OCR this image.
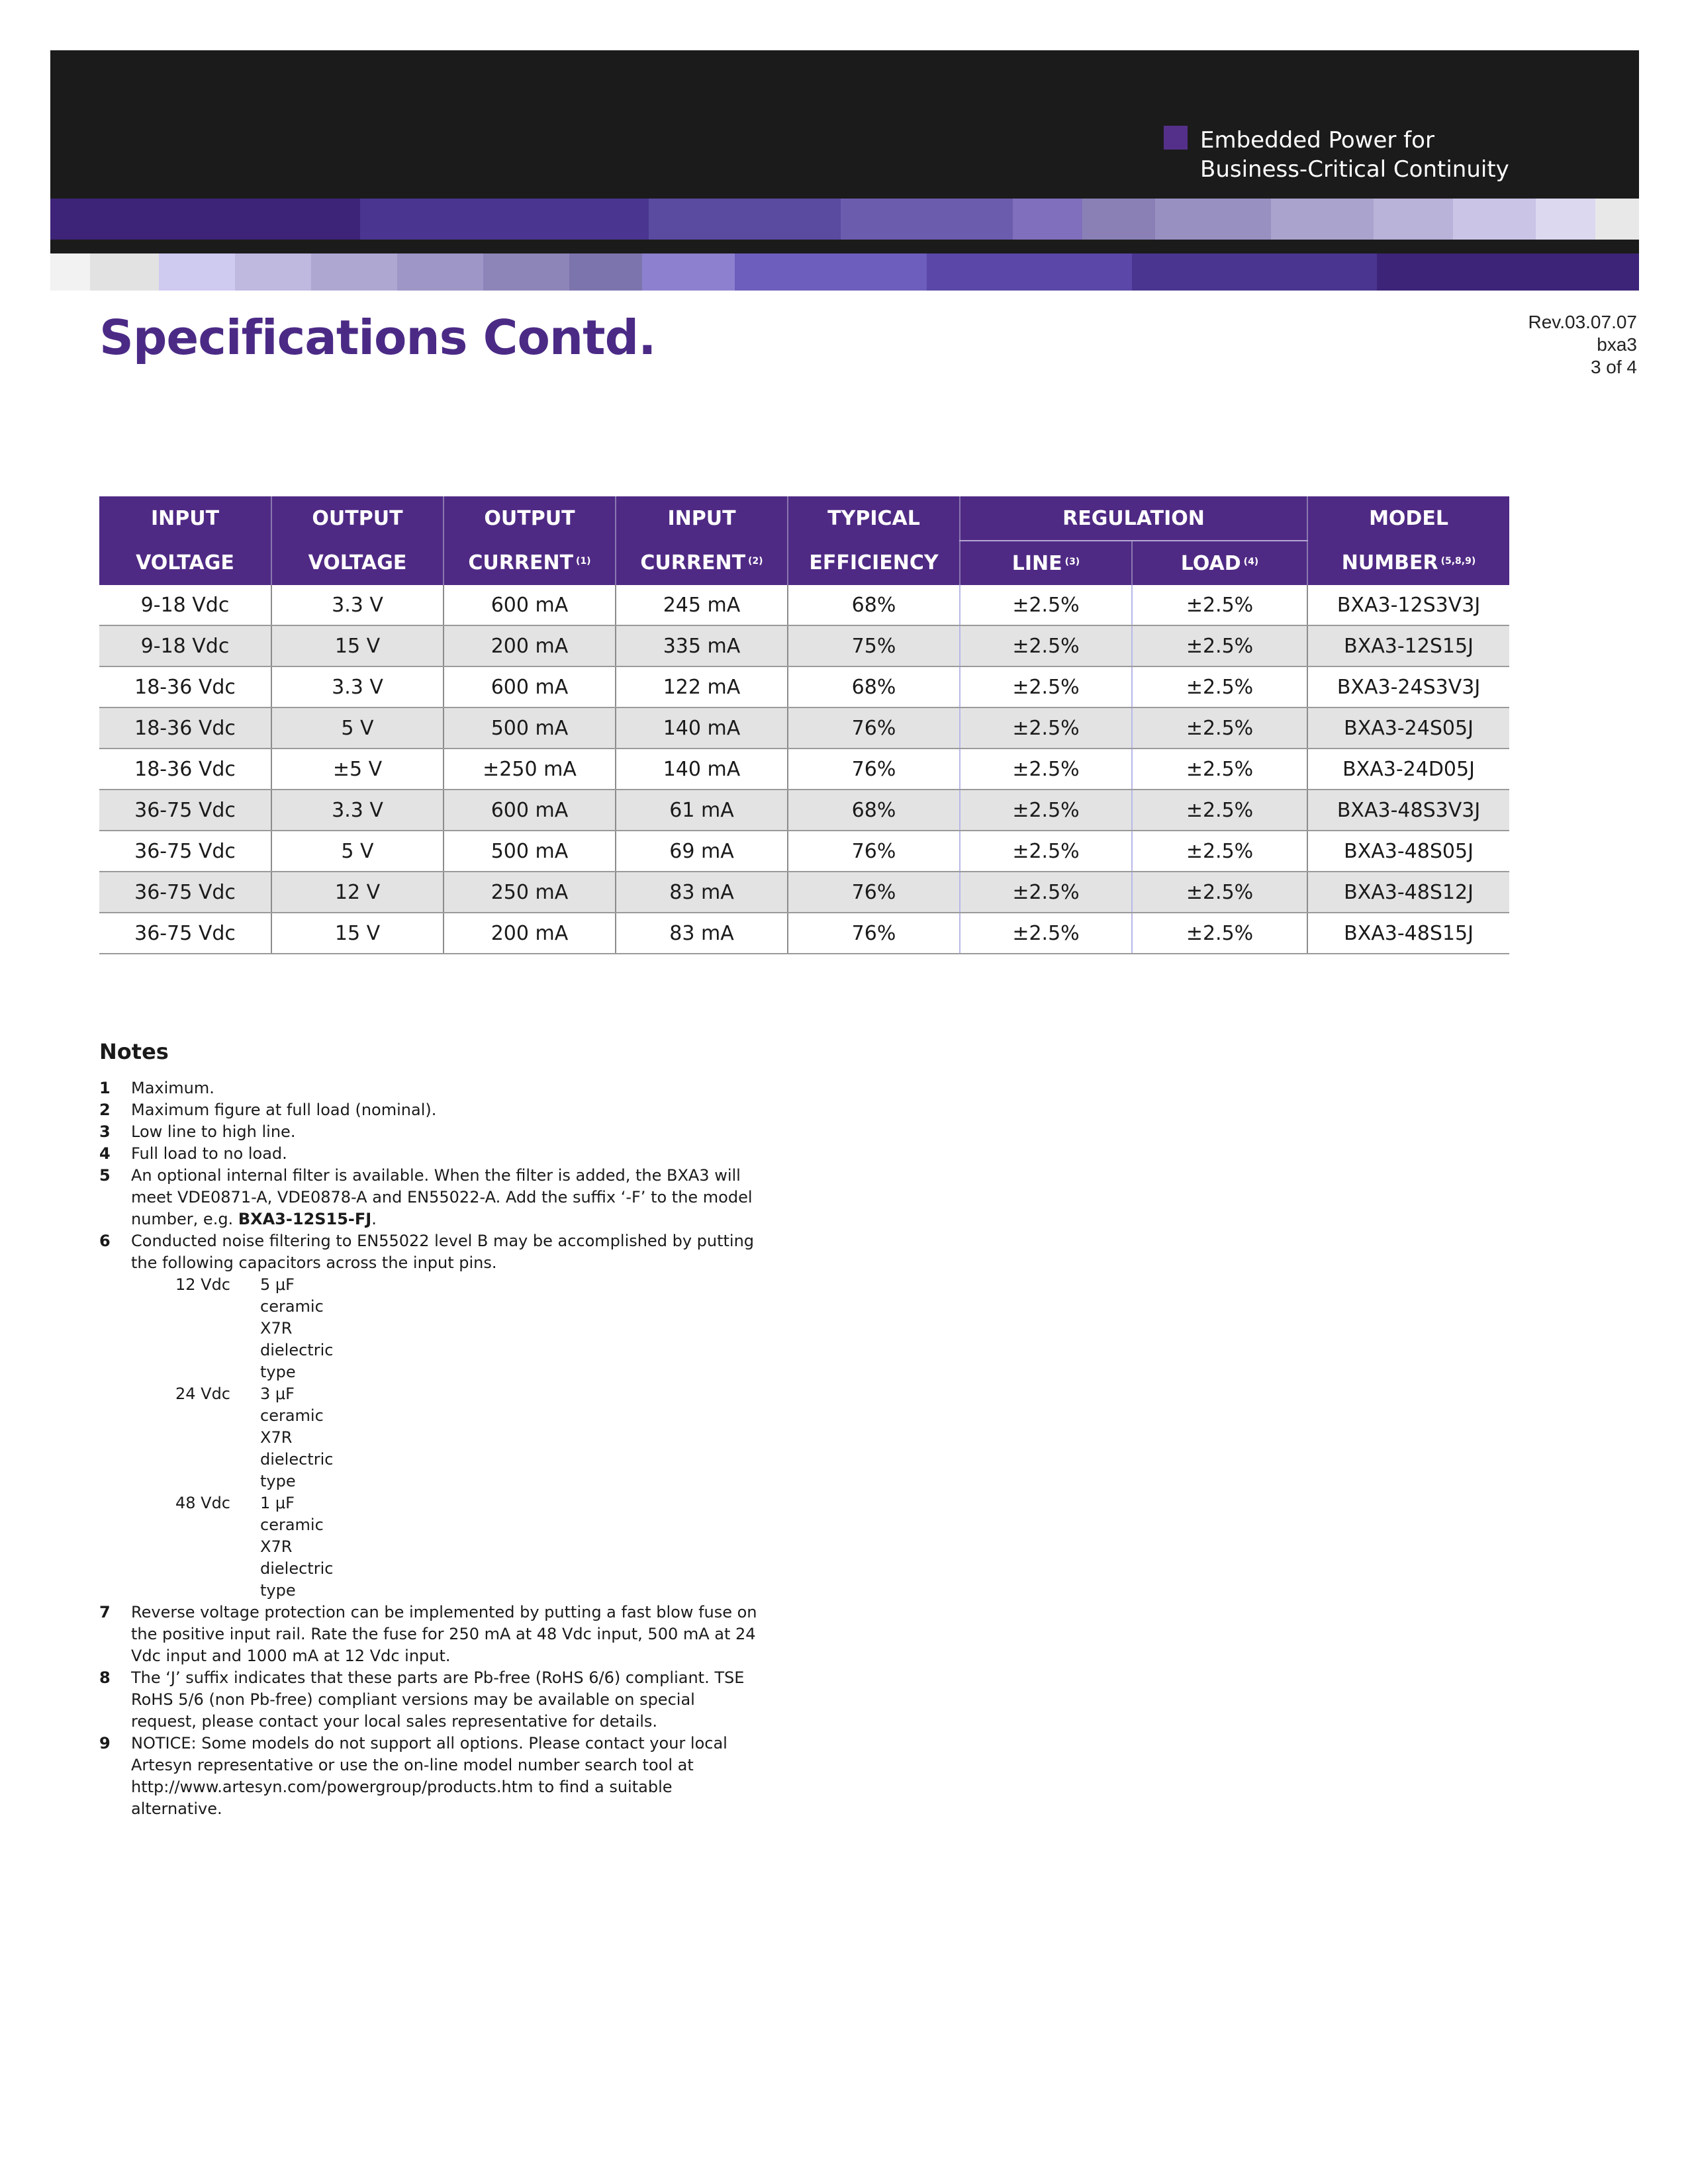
Embedded Power for
Business-Critical Continuity
Specifications Contd.	Rev.03.07.07
bxa3
3 of 4
INPUT	OUTPUT	OUTPUT	INPUT	TYPICAL	REGULATION		MODEL
VOLTAGE	VOLTAGE	CURRENT $^{(1)}$	CURRENT $^{(2)}$	EFFICIENCY	LINE $^{(3)}$	LOAD $^{(4)}$	NUMBER $^{(5,8,9)}$
9-18 Vdc	3.3 V	600 mA	245 mA	68%	±2.5%	±2.5%	BXA3-12S3V3J
9-18 Vdc	15 V	200 mA	335 mA	75%	±2.5%	±2.5%	BXA3-12S15J
18-36 Vdc	3.3 V	600 mA	122 mA	68%	±2.5%	±2.5%	BXA3-24S3V3J
18-36 Vdc	5 V	500 mA	140 mA	76%	±2.5%	±2.5%	BXA3-24S05J
18-36 Vdc	±5 V	±250 mA	140 mA	76%	±2.5%	±2.5%	BXA3-24D05J
36-75 Vdc	3.3 V	600 mA	61 mA	68%	±2.5%	±2.5%	BXA3-48S3V3J
36-75 Vdc	5 V	500 mA	69 mA	76%	±2.5%	±2.5%	BXA3-48S05J
36-75 Vdc	12 V	250 mA	83 mA	76%	±2.5%	±2.5%	BXA3-48S12J
36-75 Vdc	15 V	200 mA	83 mA	76%	±2.5%	±2.5%	BXA3-48S15J
Notes
1 Maximum.
2 Maximum figure at full load (nominal).
3 Low line to high line.
4 Full load to no load.
5 An optional internal filter is available. When the filter is added, the BXA3 will meet VDE0871-A, VDE0878-A and EN55022-A. Add the suffix ‘-F’ to the model number, e.g. BXA3-12S15-FJ.
6 Conducted noise filtering to EN55022 level B may be accomplished by putting the following capacitors across the input pins.
12 Vdc	5 μF ceramic X7R dielectric type
24 Vdc	3 μF ceramic X7R dielectric type
48 Vdc	1 μF ceramic X7R dielectric type
7 Reverse voltage protection can be implemented by putting a fast blow fuse on the positive input rail. Rate the fuse for 250 mA at 48 Vdc input, 500 mA at 24 Vdc input and 1000 mA at 12 Vdc input.
8 The ‘J’ suffix indicates that these parts are Pb-free (RoHS 6/6) compliant. TSE RoHS 5/6 (non Pb-free) compliant versions may be available on special request, please contact your local sales representative for details.
9 NOTICE: Some models do not support all options. Please contact your local Artesyn representative or use the on-line model number search tool at http://www.artesyn.com/powergroup/products.htm to find a suitable alternative.
